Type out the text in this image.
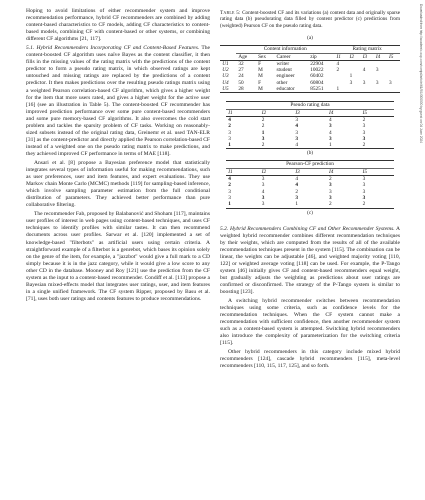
Downloaded from http://academic.oup.com/comjnl/article/61/5/1/000000 by guest on 04 June 2024

Hoping to avoid limitations of either recommender system and improve recommendation performance, hybrid CF recommenders are combined by adding content-based characteristics to CF models, adding CF characteristics to content-based models, combining CF with content-based or other systems, or combining different CF algorithms [21, 117].

5.1. Hybrid Recommenders Incorporating CF and Content-Based Features. The content-boosted CF algorithm uses naïve Bayes as the content classifier, it then fills in the missing values of the rating matrix with the predictions of the content predictor to form a pseudo rating matrix, in which observed ratings are kept untouched and missing ratings are replaced by the predictions of a content predictor. It then makes predictions over the resulting pseudo ratings matrix using a weighted Pearson correlation-based CF algorithm, which gives a higher weight for the item that more users rated, and gives a higher weight for the active user [16] (see an illustration in Table 5). The content-boosted CF recommender has improved prediction performance over some pure content-based recommenders and some pure memory-based CF algorithms. It also overcomes the cold start problem and tackles the sparsity problem of CF tasks. Working on reasonably-sized subsets instead of the original rating data, Greinemr et al. used TAN-ELR [31] as the content-predictor and directly applied the Pearson correlation-based CF instead of a weighted one on the pseudo rating matrix to make predictions, and they achieved improved CF performance in terms of MAE [118].

Ansari et al. [8] propose a Bayesian preference model that statistically integrates several types of information useful for making recommendations, such as user preferences, user and item features, and expert evaluations. They use Markov chain Monte Carlo (MCMC) methods [119] for sampling-based inference, which involve sampling parameter estimation from the full conditional distribution of parameters. They achieved better performance than pure collaborative filtering.

The recommender Fab, proposed by Balabanović and Shoham [117], maintains user profiles of interest in web pages using content-based techniques, and uses CF techniques to identify profiles with similar tastes. It can then recommend documents across user profiles. Sarwar et al. [120] implemented a set of knowledge-based "filterbots" as artificial users using certain criteria. A straightforward example of a filterbot is a genrebot, which bases its opinion solely on the genre of the item, for example, a "jazzbot" would give a full mark to a CD simply because it is in the jazz category, while it would give a low score to any other CD in the database. Mooney and Roy [121] use the prediction from the CF system as the input to a content-based recommender. Condiff et al. [113] propose a Bayesian mixed-effects model that integrates user ratings, user, and item features in a single unified framework. The CF system Ripper, proposed by Basu et al. [71], uses both user ratings and contents features to produce recommendations.

Table 5: Content-boosted CF and its variations (a) content data and originally sparse rating data (b) pseudorating data filled by content predictor (c) predictions from (weighted) Pearson CF on the pseudo rating data.
(a)
	Content information				Rating matrix				
	Age	Sex	Career	zip	I1	I2	I3	I4	I5
U1	32	F	writer	22904	4				
U2	27	M	student	10022	2		4	3	
U3	24	M	engineer	60402		1			
U4	50	F	other	60804		3	3	3	3
U5	28	M	educator	85251	1				
Pseudo rating data				
I1	I2	I3	I4	I5
4	2	3	4	2
2	2	4	3	3
3	1	3	4	3
3	3	3	3	3
1	2	4	1	2
(b)
Pearson-CF prediction				
I1	I2	I3	I4	I5
4	3	4	2	3
2	3	4	3	3
3	4	2	3	3
3	3	3	3	3
1	3	1	2	2
(c)

5.2. Hybrid Recommenders Combining CF and Other Recommender Systems. A weighted hybrid recommender combines different recommendation techniques by their weights, which are computed from the results of all of the available recommendation techniques present in the system [115]. The combination can be linear, the weights can be adjustable [46], and weighted majority voting [110, 122] or weighted average voting [118] can be used. For example, the P-Tango system [46] initially gives CF and content-based recommenders equal weight, but gradually adjusts the weighting as predictions about user ratings are confirmed or disconfirmed. The strategy of the P-Tango system is similar to boosting [123].

A switching hybrid recommender switches between recommendation techniques using some criteria, such as confidence levels for the recommendation techniques. When the CF system cannot make a recommendation with sufficient confidence, then another recommender system such as a content-based system is attempted. Switching hybrid recommenders also introduce the complexity of parameterization for the switching criteria [115].

Other hybrid recommenders in this category include mixed hybrid recommenders [124], cascade hybrid recommenders [115], meta-level recommenders [110, 115, 117, 125], and so forth.
